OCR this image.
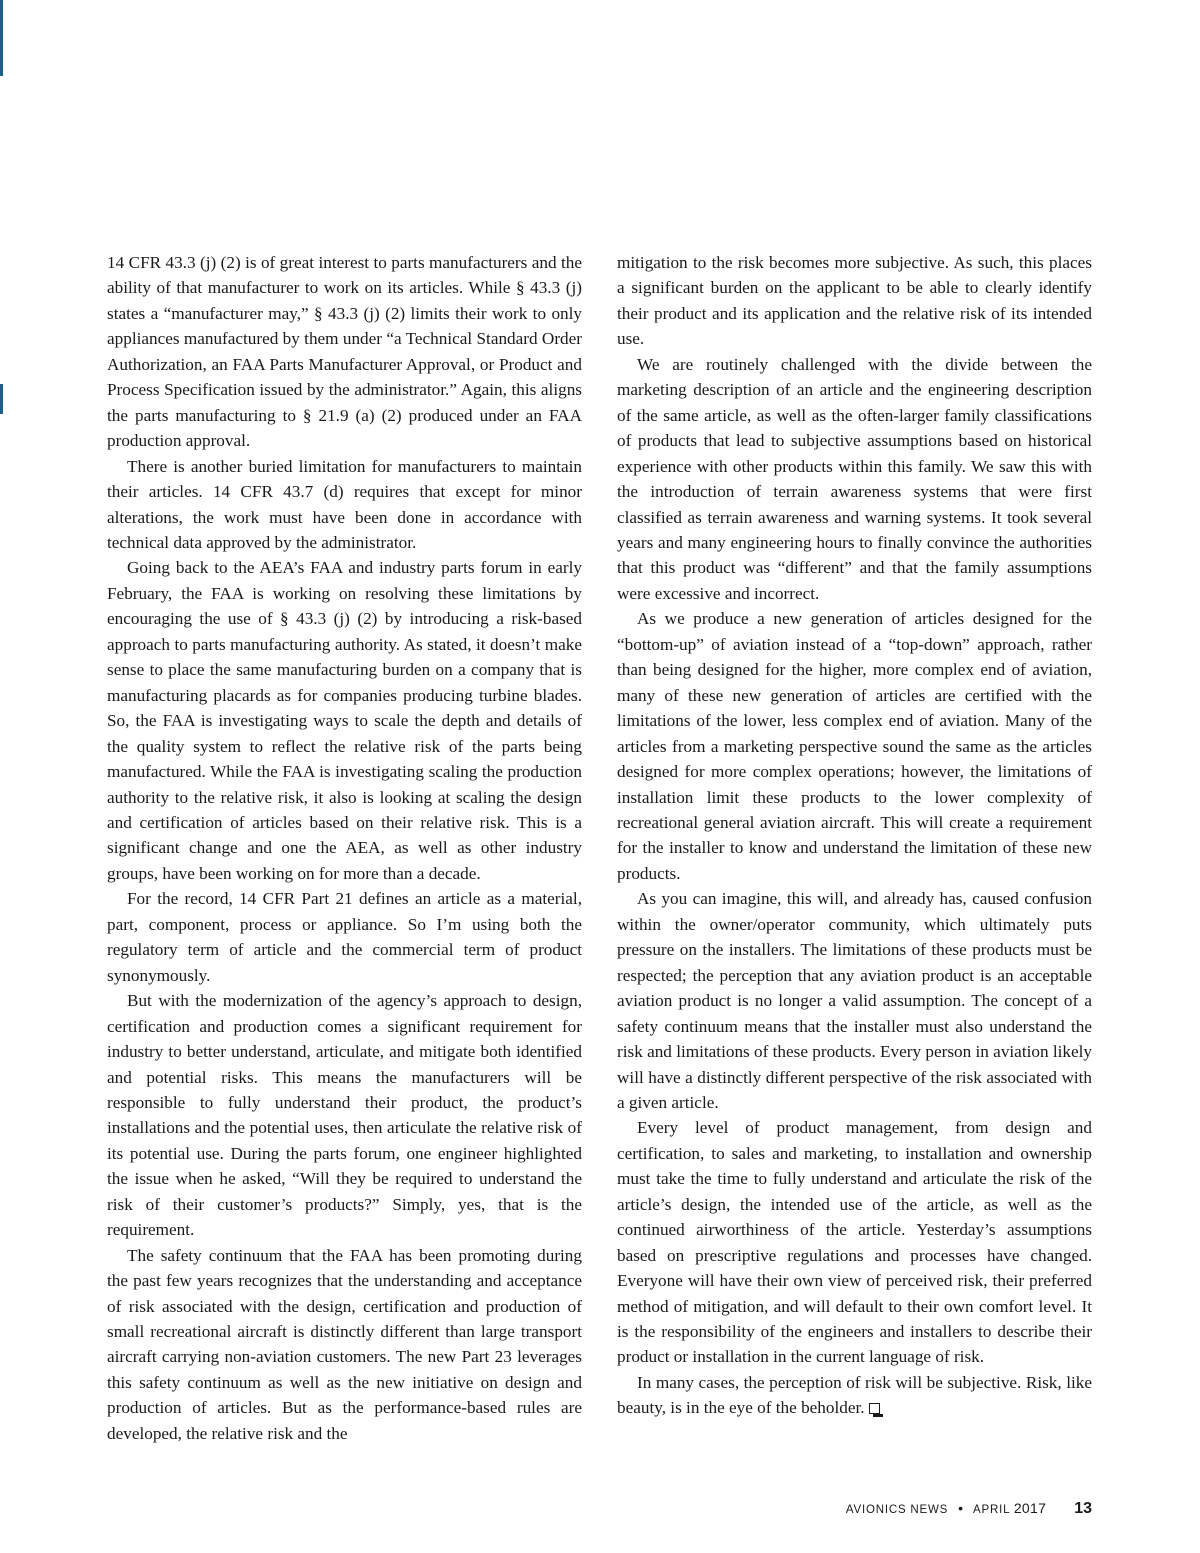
14 CFR 43.3 (j) (2) is of great interest to parts manufacturers and the ability of that manufacturer to work on its articles. While § 43.3 (j) states a “manufacturer may,” § 43.3 (j) (2) limits their work to only appliances manufactured by them under “a Technical Standard Order Authorization, an FAA Parts Manufacturer Approval, or Product and Process Specification issued by the administrator.” Again, this aligns the parts manufacturing to § 21.9 (a) (2) produced under an FAA production approval.

There is another buried limitation for manufacturers to maintain their articles. 14 CFR 43.7 (d) requires that except for minor alterations, the work must have been done in accordance with technical data approved by the administrator.

Going back to the AEA’s FAA and industry parts forum in early February, the FAA is working on resolving these limitations by encouraging the use of § 43.3 (j) (2) by introducing a risk-based approach to parts manufacturing authority. As stated, it doesn’t make sense to place the same manufacturing burden on a company that is manufacturing placards as for companies producing turbine blades. So, the FAA is investigating ways to scale the depth and details of the quality system to reflect the relative risk of the parts being manufactured. While the FAA is investigating scaling the production authority to the relative risk, it also is looking at scaling the design and certification of articles based on their relative risk. This is a significant change and one the AEA, as well as other industry groups, have been working on for more than a decade.

For the record, 14 CFR Part 21 defines an article as a material, part, component, process or appliance. So I’m using both the regulatory term of article and the commercial term of product synonymously.

But with the modernization of the agency’s approach to design, certification and production comes a significant requirement for industry to better understand, articulate, and mitigate both identified and potential risks. This means the manufacturers will be responsible to fully understand their product, the product’s installations and the potential uses, then articulate the relative risk of its potential use. During the parts forum, one engineer highlighted the issue when he asked, “Will they be required to understand the risk of their customer’s products?” Simply, yes, that is the requirement.

The safety continuum that the FAA has been promoting during the past few years recognizes that the understanding and acceptance of risk associated with the design, certification and production of small recreational aircraft is distinctly different than large transport aircraft carrying non-aviation customers. The new Part 23 leverages this safety continuum as well as the new initiative on design and production of articles. But as the performance-based rules are developed, the relative risk and the

mitigation to the risk becomes more subjective. As such, this places a significant burden on the applicant to be able to clearly identify their product and its application and the relative risk of its intended use.

We are routinely challenged with the divide between the marketing description of an article and the engineering description of the same article, as well as the often-larger family classifications of products that lead to subjective assumptions based on historical experience with other products within this family. We saw this with the introduction of terrain awareness systems that were first classified as terrain awareness and warning systems. It took several years and many engineering hours to finally convince the authorities that this product was “different” and that the family assumptions were excessive and incorrect.

As we produce a new generation of articles designed for the “bottom-up” of aviation instead of a “top-down” approach, rather than being designed for the higher, more complex end of aviation, many of these new generation of articles are certified with the limitations of the lower, less complex end of aviation. Many of the articles from a marketing perspective sound the same as the articles designed for more complex operations; however, the limitations of installation limit these products to the lower complexity of recreational general aviation aircraft. This will create a requirement for the installer to know and understand the limitation of these new products.

As you can imagine, this will, and already has, caused confusion within the owner/operator community, which ultimately puts pressure on the installers. The limitations of these products must be respected; the perception that any aviation product is an acceptable aviation product is no longer a valid assumption. The concept of a safety continuum means that the installer must also understand the risk and limitations of these products. Every person in aviation likely will have a distinctly different perspective of the risk associated with a given article.

Every level of product management, from design and certification, to sales and marketing, to installation and ownership must take the time to fully understand and articulate the risk of the article’s design, the intended use of the article, as well as the continued airworthiness of the article. Yesterday’s assumptions based on prescriptive regulations and processes have changed. Everyone will have their own view of perceived risk, their preferred method of mitigation, and will default to their own comfort level. It is the responsibility of the engineers and installers to describe their product or installation in the current language of risk.

In many cases, the perception of risk will be subjective. Risk, like beauty, is in the eye of the beholder.

AVIONICS NEWS • APRIL 2017 13
